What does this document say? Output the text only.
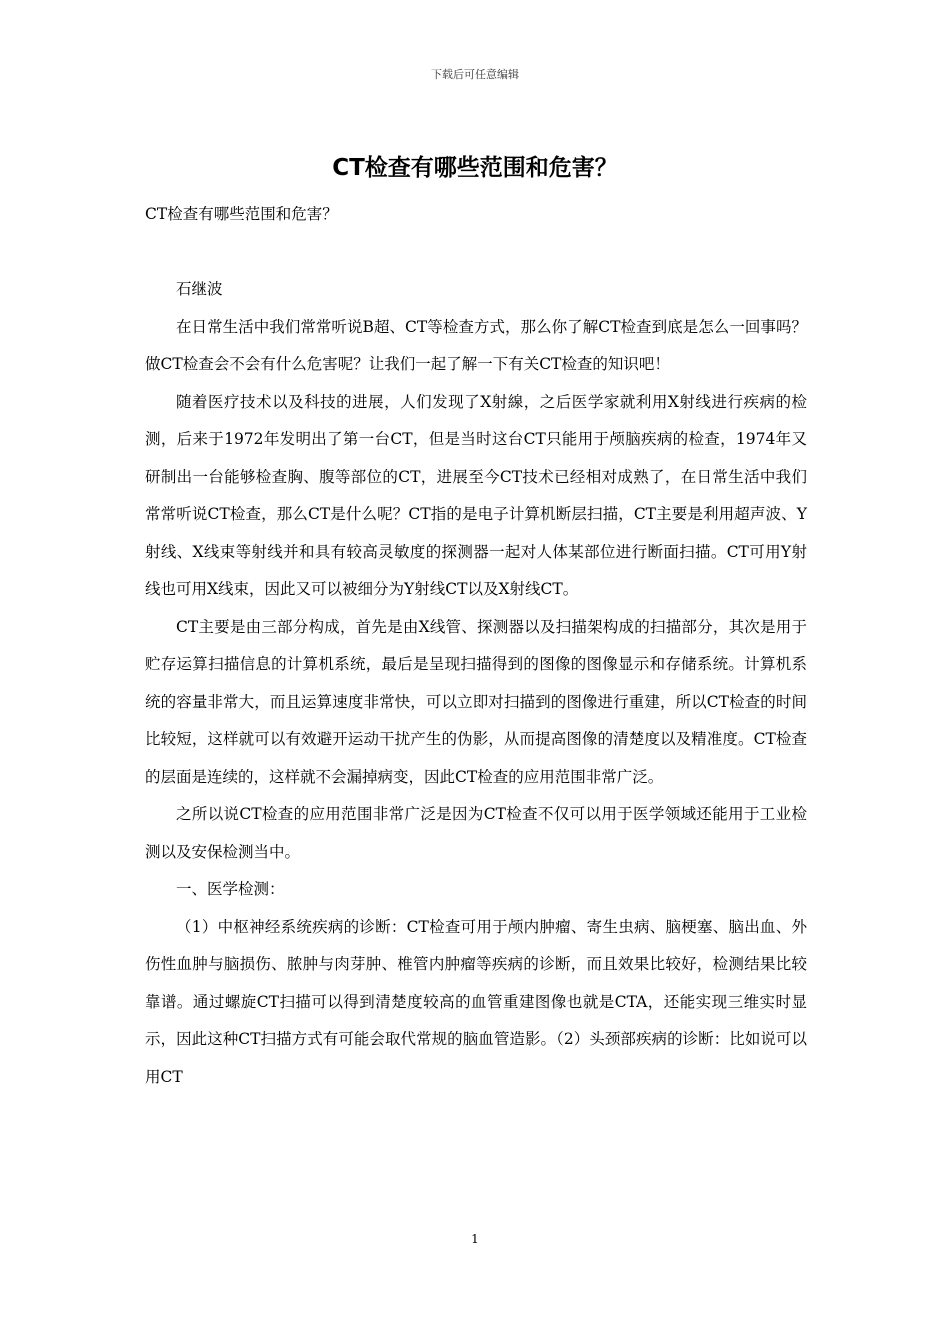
下载后可任意编辑
CT检查有哪些范围和危害？

CT检查有哪些范围和危害？

石继波

在日常生活中我们常常听说B超、CT等检查方式，那么你了解CT检查到底是怎么一回事吗？做CT检查会不会有什么危害呢？让我们一起了解一下有关CT检查的知识吧！

随着医疗技术以及科技的进展，人们发现了X射線，之后医学家就利用X射线进行疾病的检测，后来于1972年发明出了第一台CT，但是当时这台CT只能用于颅脑疾病的检查，1974年又研制出一台能够检查胸、腹等部位的CT，进展至今CT技术已经相对成熟了，在日常生活中我们常常听说CT检查，那么CT是什么呢？CT指的是电子计算机断层扫描，CT主要是利用超声波、Y射线、X线束等射线并和具有较高灵敏度的探测器一起对人体某部位进行断面扫描。CT可用Y射线也可用X线束，因此又可以被细分为Y射线CT以及X射线CT。

CT主要是由三部分构成，首先是由X线管、探测器以及扫描架构成的扫描部分，其次是用于贮存运算扫描信息的计算机系统，最后是呈现扫描得到的图像的图像显示和存储系统。计算机系统的容量非常大，而且运算速度非常快，可以立即对扫描到的图像进行重建，所以CT检查的时间比较短，这样就可以有效避开运动干扰产生的伪影，从而提高图像的清楚度以及精准度。CT检查的层面是连续的，这样就不会漏掉病变，因此CT检查的应用范围非常广泛。

之所以说CT检查的应用范围非常广泛是因为CT检查不仅可以用于医学领域还能用于工业检测以及安保检测当中。

一、医学检测：

（1）中枢神经系统疾病的诊断：CT检查可用于颅内肿瘤、寄生虫病、脑梗塞、脑出血、外伤性血肿与脑损伤、脓肿与肉芽肿、椎管内肿瘤等疾病的诊断，而且效果比较好，检测结果比较靠谱。通过螺旋CT扫描可以得到清楚度较高的血管重建图像也就是CTA，还能实现三维实时显示，因此这种CT扫描方式有可能会取代常规的脑血管造影。（2）头颈部疾病的诊断：比如说可以用CT

1
